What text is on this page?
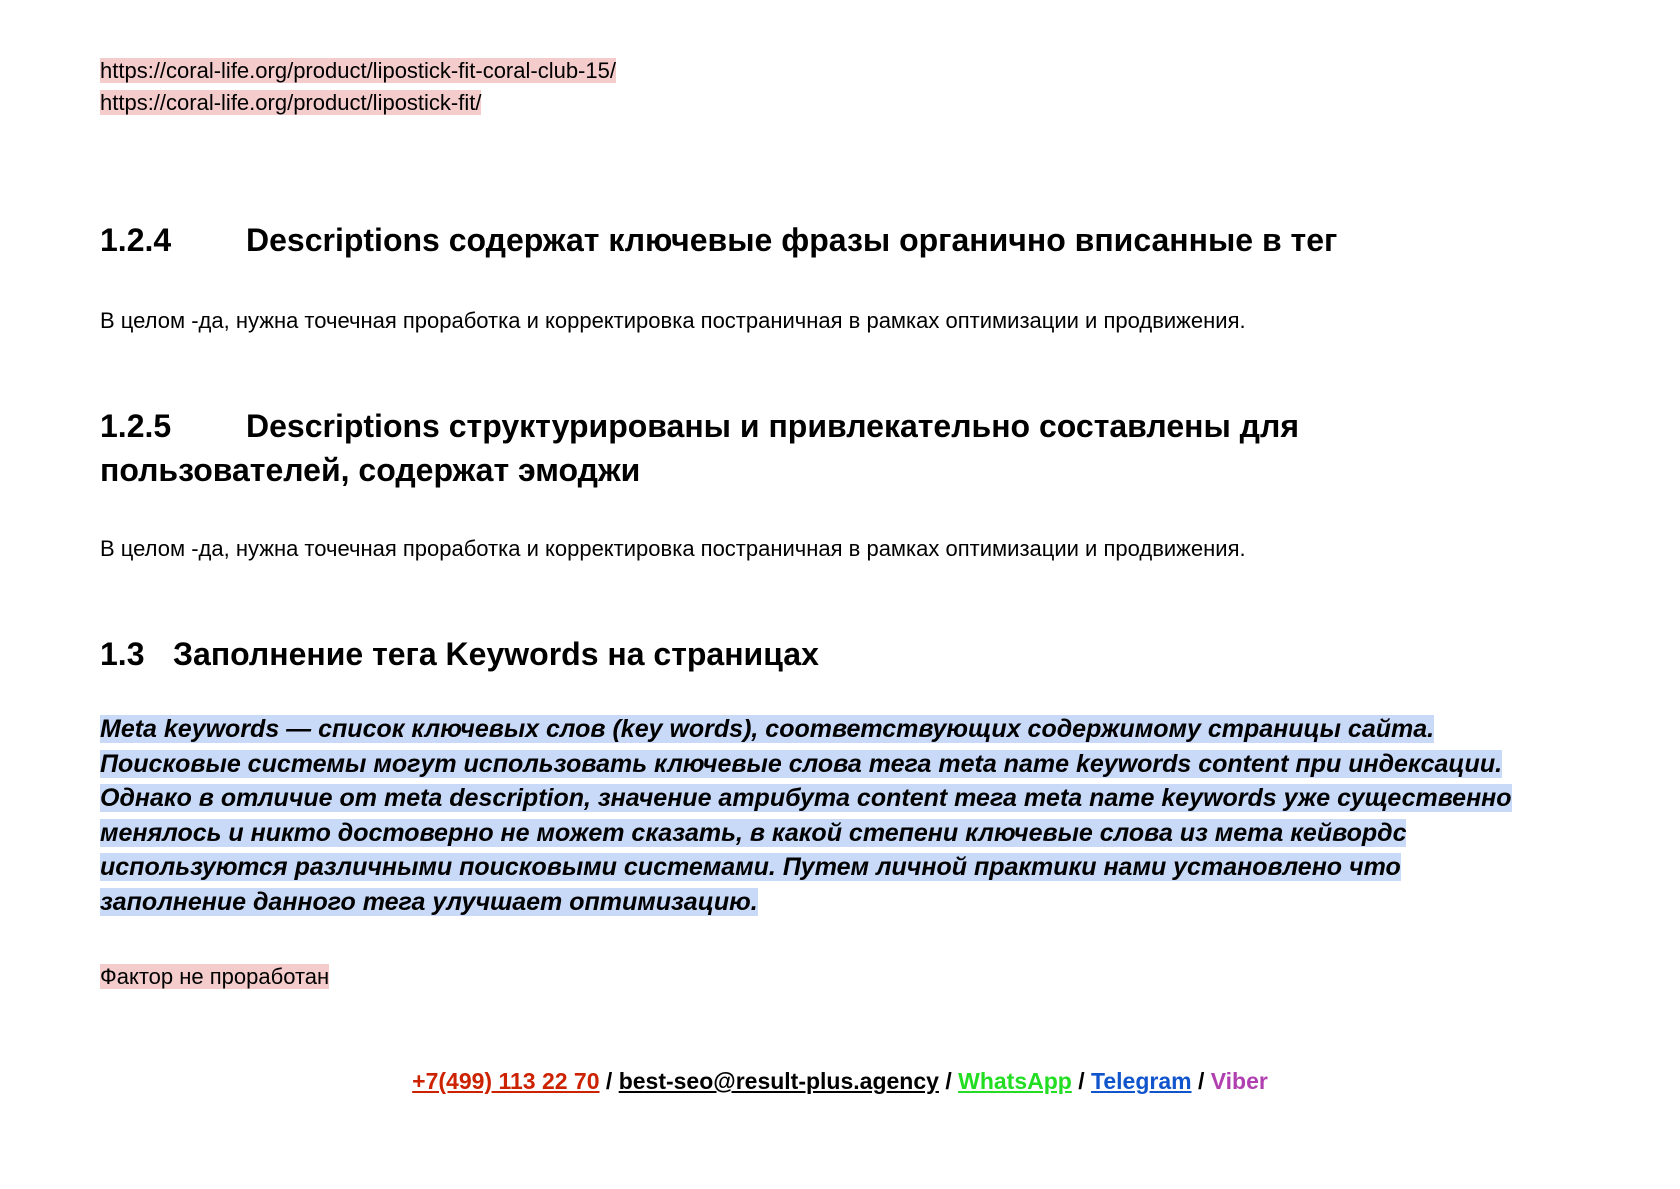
https://coral-life.org/product/lipostick-fit-coral-club-15/
https://coral-life.org/product/lipostick-fit/
1.2.4 Descriptions содержат ключевые фразы органично вписанные в тег
В целом -да, нужна точечная проработка и корректировка постраничная в рамках оптимизации и продвижения.
1.2.5 Descriptions структурированы и привлекательно составлены для
пользователей, содержат эмоджи
В целом -да, нужна точечная проработка и корректировка постраничная в рамках оптимизации и продвижения.
1.3 Заполнение тега Keywords на страницах
Meta keywords — список ключевых слов (key words), соответствующих содержимому страницы сайта. Поисковые системы могут использовать ключевые слова тега meta name keywords content при индексации. Однако в отличие от meta description, значение атрибута content тега meta name keywords уже существенно менялось и никто достоверно не может сказать, в какой степени ключевые слова из мета кейвордс используются различными поисковыми системами. Путем личной практики нами установлено что заполнение данного тега улучшает оптимизацию.
Фактор не проработан
+7(499) 113 22 70 / best-seo@result-plus.agency / WhatsApp / Telegram / Viber
